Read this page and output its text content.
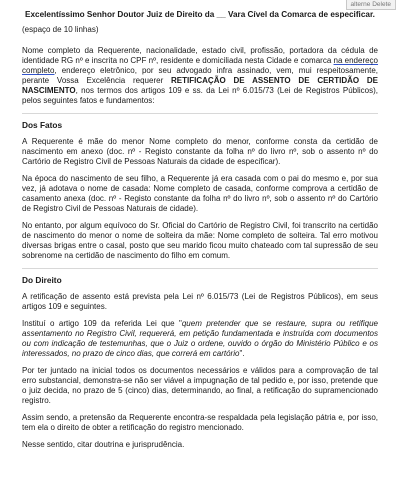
alterne Delete
Excelentíssimo Senhor Doutor Juiz de Direito da __ Vara Cível da Comarca de especificar.
(espaço de 10 linhas)

Nome completo da Requerente, nacionalidade, estado civil, profissão, portadora da cédula de identidade RG nº e inscrita no CPF nº, residente e domiciliada nesta Cidade e comarca na endereço completo, endereço eletrônico, por seu advogado infra assinado, vem, mui respeitosamente, perante Vossa Excelência requerer RETIFICAÇÃO DE ASSENTO DE CERTIDÃO DE NASCIMENTO, nos termos dos artigos 109 e ss. da Lei nº 6.015/73 (Lei de Registros Públicos), pelos seguintes fatos e fundamentos:

Dos Fatos

A Requerente é mãe do menor Nome completo do menor, conforme consta da certidão de nascimento em anexo (doc. nº - Registo constante da folha nº do livro nº, sob o assento nº do Cartório de Registro Civil de Pessoas Naturais da cidade de especificar).

Na época do nascimento de seu filho, a Requerente já era casada com o pai do mesmo e, por sua vez, já adotava o nome de casada: Nome completo de casada, conforme comprova a certidão de casamento anexa (doc. nº - Registo constante da folha nº do livro nº, sob o assento nº do Cartório de Registro Civil de Pessoas Naturais de cidade).

No entanto, por algum equívoco do Sr. Oficial do Cartório de Registro Civil, foi transcrito na certidão de nascimento do menor o nome de solteira da mãe: Nome completo de solteira. Tal erro motivou diversas brigas entre o casal, posto que seu marido ficou muito chateado com tal supressão de seu sobrenome na certidão de nascimento do filho em comum.

Do Direito

A retificação de assento está prevista pela Lei nº 6.015/73 (Lei de Registros Públicos), em seus artigos 109 e seguintes.

Instituí o artigo 109 da referida Lei que "quem pretender que se restaure, supra ou retifique assentamento no Registro Civil, requererá, em petição fundamentada e instruída com documentos ou com indicação de testemunhas, que o Juiz o ordene, ouvido o órgão do Ministério Público e os interessados, no prazo de cinco dias, que correrá em cartório".

Por ter juntado na inicial todos os documentos necessários e válidos para a comprovação de tal erro substancial, demonstra-se não ser viável a impugnação de tal pedido e, por isso, pretende que o juiz decida, no prazo de 5 (cinco) dias, determinando, ao final, a retificação do supramencionado registro.

Assim sendo, a pretensão da Requerente encontra-se respaldada pela legislação pátria e, por isso, tem ela o direito de obter a retificação do registro mencionado.

Nesse sentido, citar doutrina e jurisprudência.
